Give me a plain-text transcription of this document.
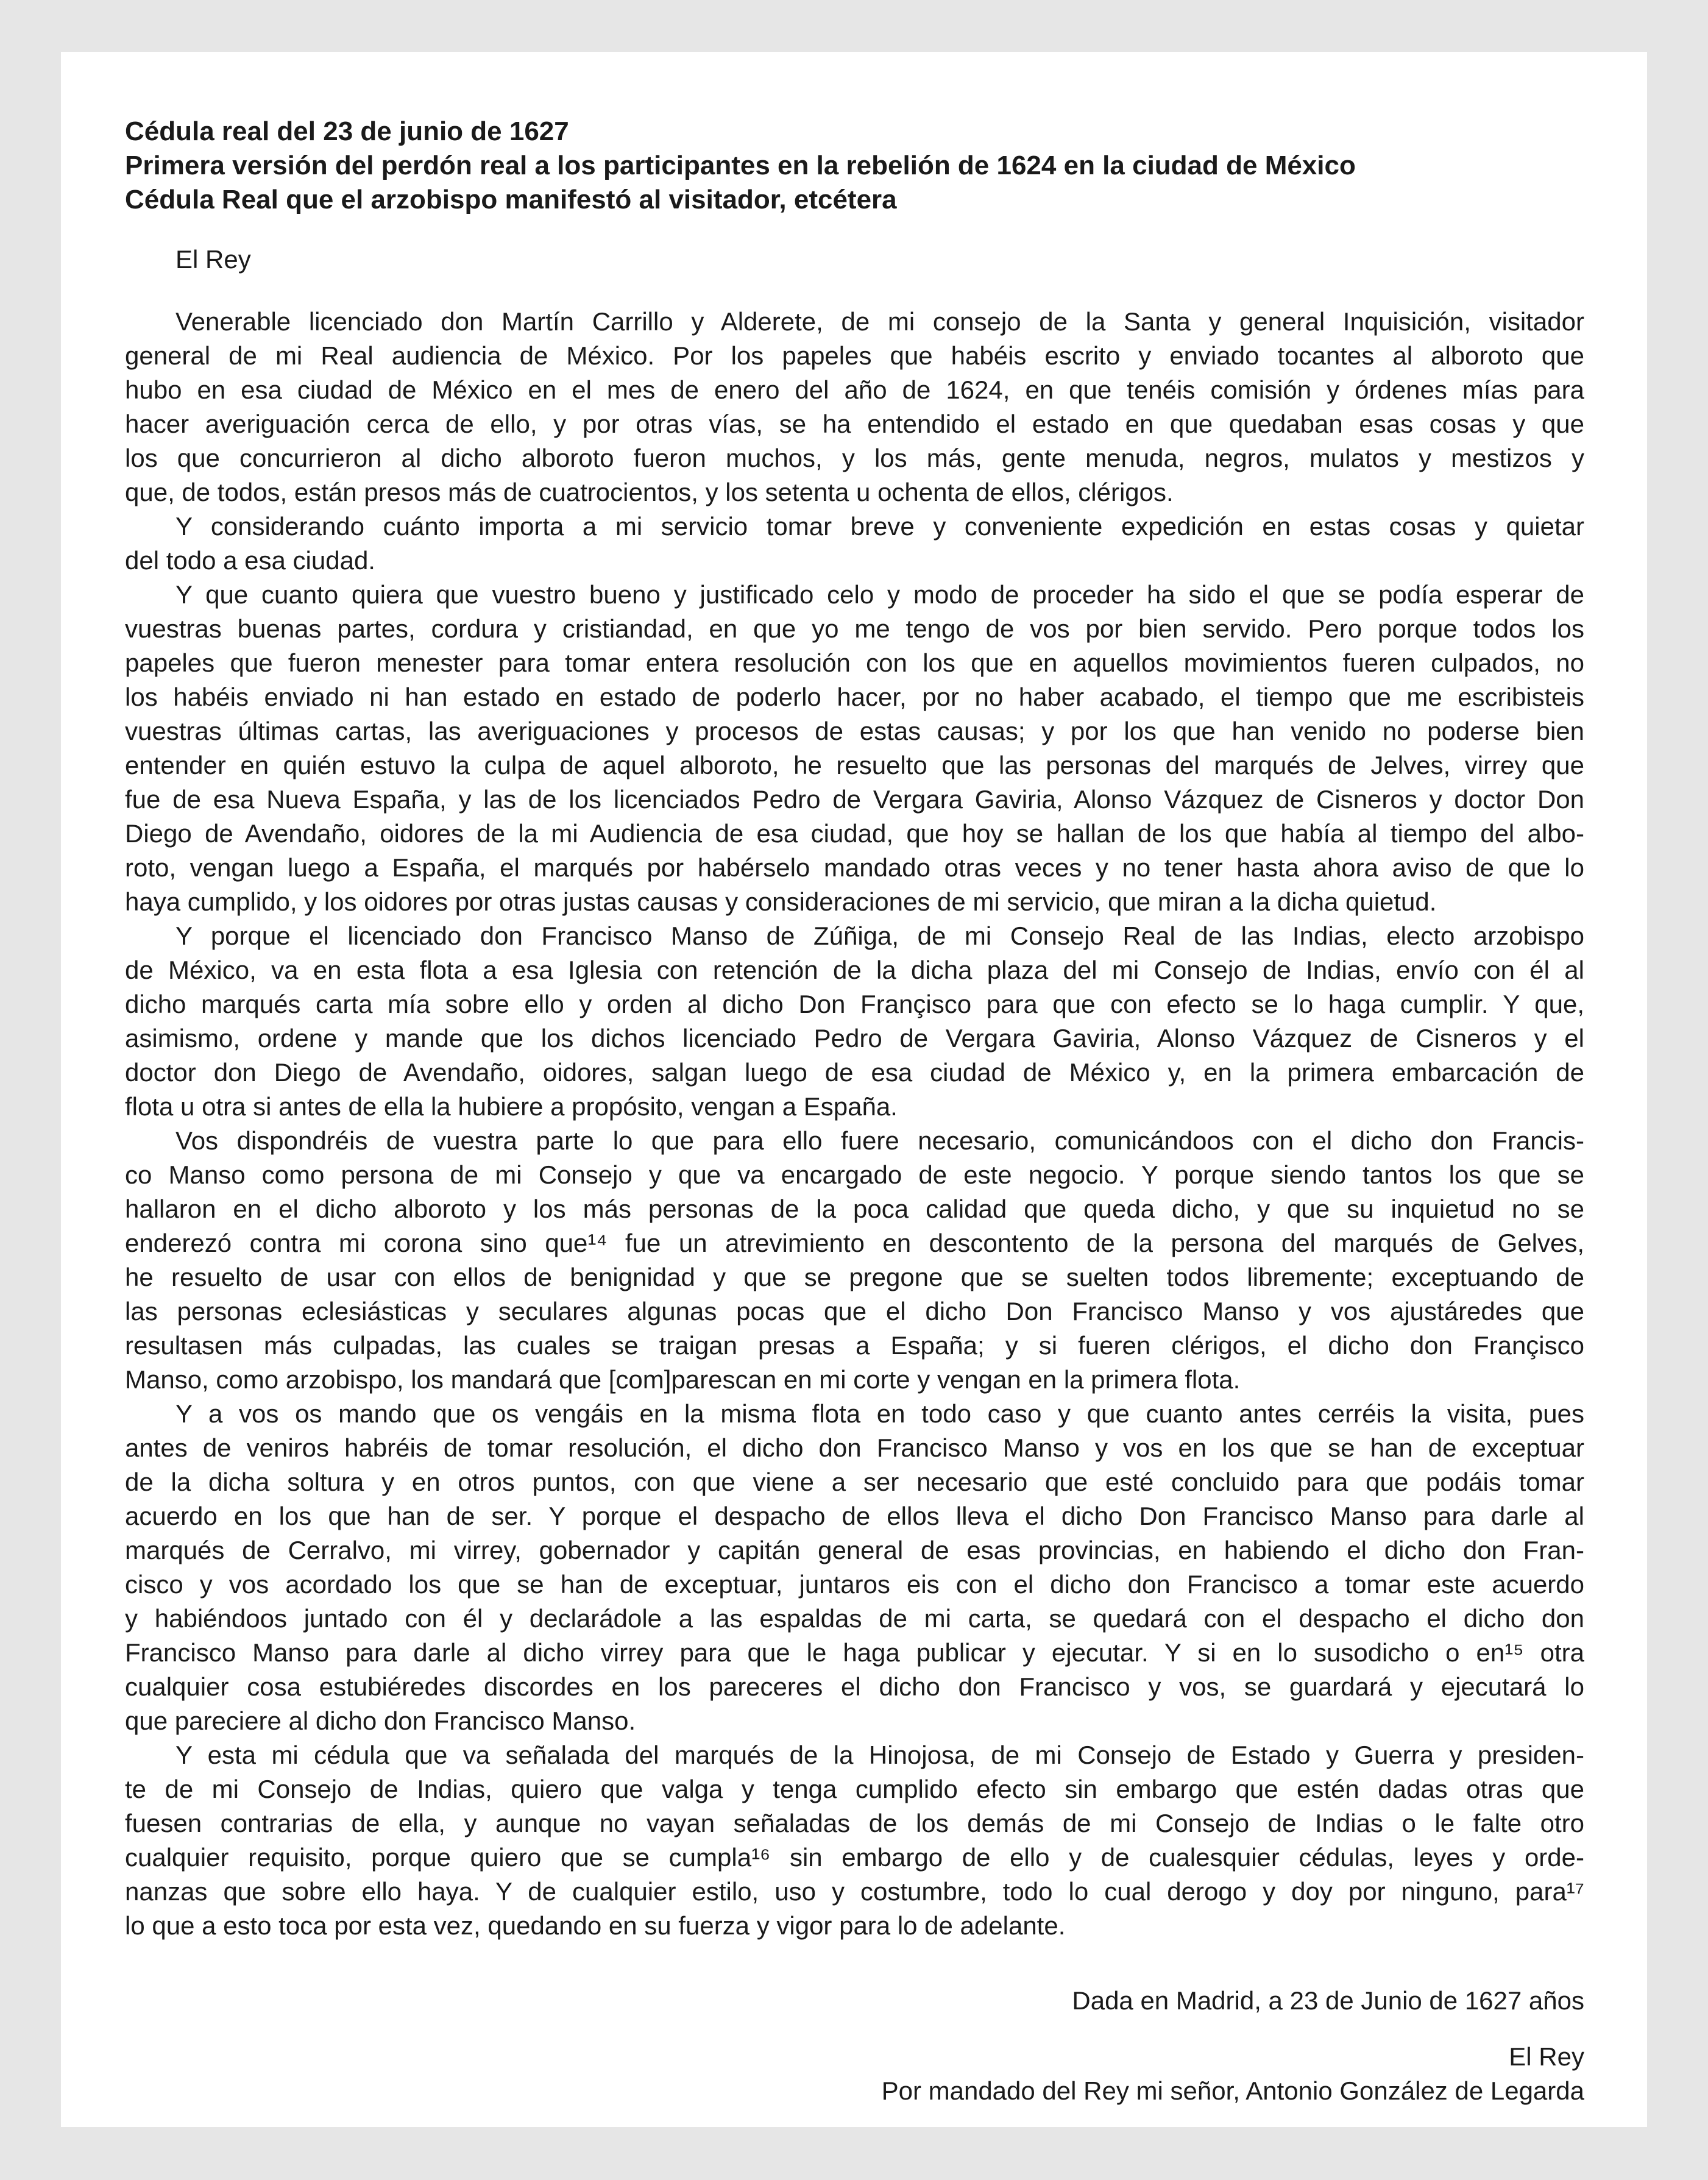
Cédula real del 23 de junio de 1627
Primera versión del perdón real a los participantes en la rebelión de 1624 en la ciudad de México
Cédula Real que el arzobispo manifestó al visitador, etcétera

El Rey

Venerable licenciado don Martín Carrillo y Alderete, de mi consejo de la Santa y general Inquisición, visitador
general de mi Real audiencia de México. Por los papeles que habéis escrito y enviado tocantes al alboroto que
hubo en esa ciudad de México en el mes de enero del año de 1624, en que tenéis comisión y órdenes mías para
hacer averiguación cerca de ello, y por otras vías, se ha entendido el estado en que quedaban esas cosas y que
los que concurrieron al dicho alboroto fueron muchos, y los más, gente menuda, negros, mulatos y mestizos y
que, de todos, están presos más de cuatrocientos, y los setenta u ochenta de ellos, clérigos.
Y considerando cuánto importa a mi servicio tomar breve y conveniente expedición en estas cosas y quietar
del todo a esa ciudad.
Y que cuanto quiera que vuestro bueno y justificado celo y modo de proceder ha sido el que se podía esperar de
vuestras buenas partes, cordura y cristiandad, en que yo me tengo de vos por bien servido. Pero porque todos los
papeles que fueron menester para tomar entera resolución con los que en aquellos movimientos fueren culpados, no
los habéis enviado ni han estado en estado de poderlo hacer, por no haber acabado, el tiempo que me escribisteis
vuestras últimas cartas, las averiguaciones y procesos de estas causas; y por los que han venido no poderse bien
entender en quién estuvo la culpa de aquel alboroto, he resuelto que las personas del marqués de Jelves, virrey que
fue de esa Nueva España, y las de los licenciados Pedro de Vergara Gaviria, Alonso Vázquez de Cisneros y doctor Don
Diego de Avendaño, oidores de la mi Audiencia de esa ciudad, que hoy se hallan de los que había al tiempo del albo-
roto, vengan luego a España, el marqués por habérselo mandado otras veces y no tener hasta ahora aviso de que lo
haya cumplido, y los oidores por otras justas causas y consideraciones de mi servicio, que miran a la dicha quietud.
Y porque el licenciado don Francisco Manso de Zúñiga, de mi Consejo Real de las Indias, electo arzobispo
de México, va en esta flota a esa Iglesia con retención de la dicha plaza del mi Consejo de Indias, envío con él al
dicho marqués carta mía sobre ello y orden al dicho Don Françisco para que con efecto se lo haga cumplir. Y que,
asimismo, ordene y mande que los dichos licenciado Pedro de Vergara Gaviria, Alonso Vázquez de Cisneros y el
doctor don Diego de Avendaño, oidores, salgan luego de esa ciudad de México y, en la primera embarcación de
flota u otra si antes de ella la hubiere a propósito, vengan a España.
Vos dispondréis de vuestra parte lo que para ello fuere necesario, comunicándoos con el dicho don Francis-
co Manso como persona de mi Consejo y que va encargado de este negocio. Y porque siendo tantos los que se
hallaron en el dicho alboroto y los más personas de la poca calidad que queda dicho, y que su inquietud no se
enderezó contra mi corona sino que¹⁴ fue un atrevimiento en descontento de la persona del marqués de Gelves,
he resuelto de usar con ellos de benignidad y que se pregone que se suelten todos libremente; exceptuando de
las personas eclesiásticas y seculares algunas pocas que el dicho Don Francisco Manso y vos ajustáredes que
resultasen más culpadas, las cuales se traigan presas a España; y si fueren clérigos, el dicho don Françisco
Manso, como arzobispo, los mandará que [com]parescan en mi corte y vengan en la primera flota.
Y a vos os mando que os vengáis en la misma flota en todo caso y que cuanto antes cerréis la visita, pues
antes de veniros habréis de tomar resolución, el dicho don Francisco Manso y vos en los que se han de exceptuar
de la dicha soltura y en otros puntos, con que viene a ser necesario que esté concluido para que podáis tomar
acuerdo en los que han de ser. Y porque el despacho de ellos lleva el dicho Don Francisco Manso para darle al
marqués de Cerralvo, mi virrey, gobernador y capitán general de esas provincias, en habiendo el dicho don Fran-
cisco y vos acordado los que se han de exceptuar, juntaros eis con el dicho don Francisco a tomar este acuerdo
y habiéndoos juntado con él y declarádole a las espaldas de mi carta, se quedará con el despacho el dicho don
Francisco Manso para darle al dicho virrey para que le haga publicar y ejecutar. Y si en lo susodicho o en¹⁵ otra
cualquier cosa estubiéredes discordes en los pareceres el dicho don Francisco y vos, se guardará y ejecutará lo
que pareciere al dicho don Francisco Manso.
Y esta mi cédula que va señalada del marqués de la Hinojosa, de mi Consejo de Estado y Guerra y presiden-
te de mi Consejo de Indias, quiero que valga y tenga cumplido efecto sin embargo que estén dadas otras que
fuesen contrarias de ella, y aunque no vayan señaladas de los demás de mi Consejo de Indias o le falte otro
cualquier requisito, porque quiero que se cumpla¹⁶ sin embargo de ello y de cualesquier cédulas, leyes y orde-
nanzas que sobre ello haya. Y de cualquier estilo, uso y costumbre, todo lo cual derogo y doy por ninguno, para¹⁷
lo que a esto toca por esta vez, quedando en su fuerza y vigor para lo de adelante.
Dada en Madrid, a 23 de Junio de 1627 años
El Rey
Por mandado del Rey mi señor, Antonio González de Legarda
